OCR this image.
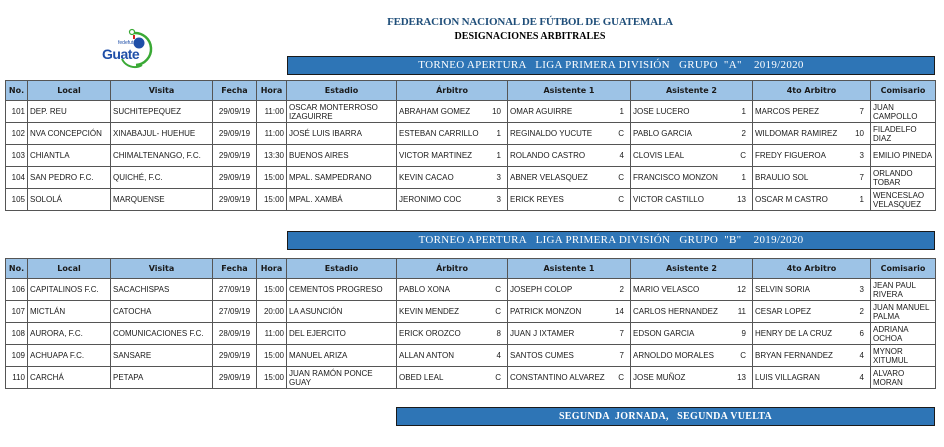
Guate
fedefut
FEDERACION NACIONAL DE FÚTBOL DE GUATEMALA
DESIGNACIONES ARBITRALES
TORNEO APERTURA   LIGA PRIMERA DIVISIÓN   GRUPO  "A"    2019/2020
No.	Local	Visita	Fecha	Hora	Estadio	Árbitro	Asistente 1	Asistente 2	4to Arbitro	Comisario
101	DEP. REU	SUCHITEPEQUEZ	29/09/19	11:00	OSCAR MONTERROSO IZAGUIRRE	ABRAHAM GOMEZ 10	OMAR AGUIRRE 1	JOSE LUCERO 1	MARCOS PEREZ 7	JUAN CAMPOLLO
102	NVA CONCEPCIÓN	XINABAJUL- HUEHUE	29/09/19	11:00	JOSÉ LUIS IBARRA	ESTEBAN CARRILLO 1	REGINALDO YUCUTE C	PABLO GARCIA 2	WILDOMAR RAMIREZ 10	FILADELFO DIAZ
103	CHIANTLA	CHIMALTENANGO, F.C.	29/09/19	13:30	BUENOS AIRES	VICTOR MARTINEZ 1	ROLANDO CASTRO 4	CLOVIS LEAL C	FREDY FIGUEROA 3	EMILIO PINEDA
104	SAN PEDRO F.C.	QUICHÉ, F.C.	29/09/19	15:00	MPAL. SAMPEDRANO	KEVIN CACAO 3	ABNER VELASQUEZ C	FRANCISCO MONZON 1	BRAULIO SOL 7	ORLANDO TOBAR
105	SOLOLÁ	MARQUENSE	29/09/19	15:00	MPAL. XAMBÁ	JERONIMO COC 3	ERICK REYES C	VICTOR CASTILLO 13	OSCAR M CASTRO 1	WENCESLAO VELASQUEZ
TORNEO APERTURA   LIGA PRIMERA DIVISIÓN   GRUPO  "B"    2019/2020
No.	Local	Visita	Fecha	Hora	Estadio	Árbitro	Asistente 1	Asistente 2	4to Arbitro	Comisario
106	CAPITALINOS F.C.	SACACHISPAS	27/09/19	15:00	CEMENTOS PROGRESO	PABLO XONA C	JOSEPH COLOP 2	MARIO VELASCO 12	SELVIN SORIA 3	JEAN PAUL RIVERA
107	MICTLÁN	CATOCHA	27/09/19	20:00	LA ASUNCIÓN	KEVIN MENDEZ C	PATRICK MONZON 14	CARLOS HERNANDEZ 11	CESAR LOPEZ 2	JUAN MANUEL PALMA
108	AURORA, F.C.	COMUNICACIONES F.C.	28/09/19	11:00	DEL EJERCITO	ERICK OROZCO 8	JUAN J IXTAMER 7	EDSON GARCIA 9	HENRY DE LA CRUZ 6	ADRIANA OCHOA
109	ACHUAPA F.C.	SANSARE	29/09/19	15:00	MANUEL ARIZA	ALLAN ANTON 4	SANTOS CUMES 7	ARNOLDO MORALES C	BRYAN FERNANDEZ 4	MYNOR XITUMUL
110	CARCHÁ	PETAPA	29/09/19	15:00	JUAN RAMÓN PONCE GUAY	OBED LEAL C	CONSTANTINO ALVAREZ C	JOSE MUÑOZ 13	LUIS VILLAGRAN 4	ALVARO MORAN
SEGUNDA  JORNADA,   SEGUNDA VUELTA
